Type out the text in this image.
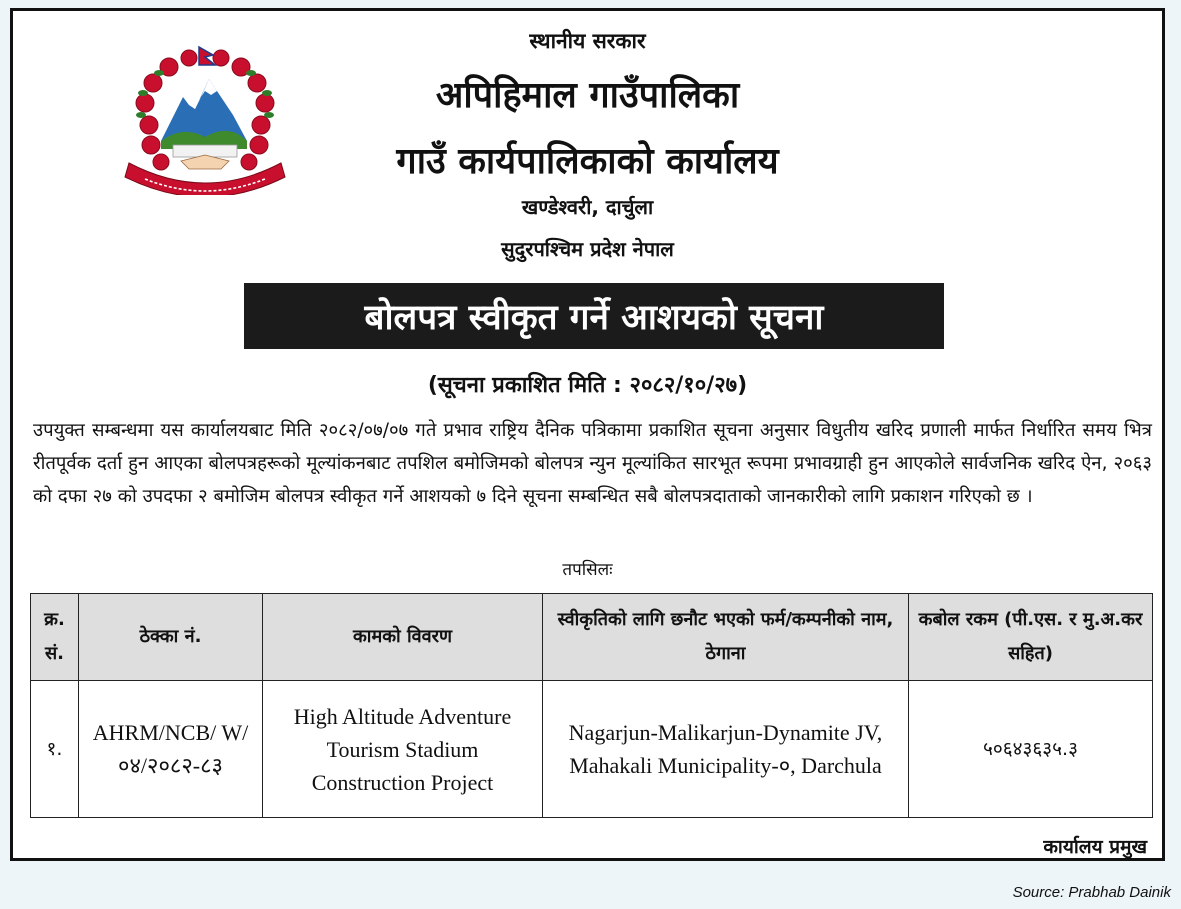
स्थानीय सरकार
अपिहिमाल गाउँपालिका
गाउँ कार्यपालिकाको कार्यालय
खण्डेश्वरी, दार्चुला
सुदुरपश्चिम प्रदेश नेपाल
बोलपत्र स्वीकृत गर्ने आशयको सूचना
(सूचना प्रकाशित मिति : २०८२/१०/२७)

उपयुक्त सम्बन्धमा यस कार्यालयबाट मिति २०८२/०७/०७ गते प्रभाव राष्ट्रिय दैनिक पत्रिकामा प्रकाशित सूचना अनुसार विधुतीय खरिद प्रणाली मार्फत निर्धारित समय भित्र रीतपूर्वक दर्ता हुन आएका बोलपत्रहरूको मूल्यांकनबाट तपशिल बमोजिमको बोलपत्र न्युन मूल्यांकित सारभूत रूपमा प्रभावग्राही हुन आएकोले सार्वजनिक खरिद ऐन, २०६३ को दफा २७ को उपदफा २ बमोजिम बोलपत्र स्वीकृत गर्ने आशयको ७ दिने सूचना सम्बन्धित सबै बोलपत्रदाताको जानकारीको लागि प्रकाशन गरिएको छ ।

तपसिलः
क्र. सं.	ठेक्का नं.	कामको विवरण	स्वीकृतिको लागि छनौट भएको फर्म/कम्पनीको नाम, ठेगाना	कबोल रकम (पी.एस. र मु.अ.कर सहित)
१.	AHRM/NCB/ W/०४/२०८२-८३	High Altitude Adventure Tourism Stadium Construction Project	Nagarjun-Malikarjun-Dynamite JV, Mahakali Municipality-०, Darchula	५०६४३६३५.३
कार्यालय प्रमुख
Source: Prabhab Dainik
